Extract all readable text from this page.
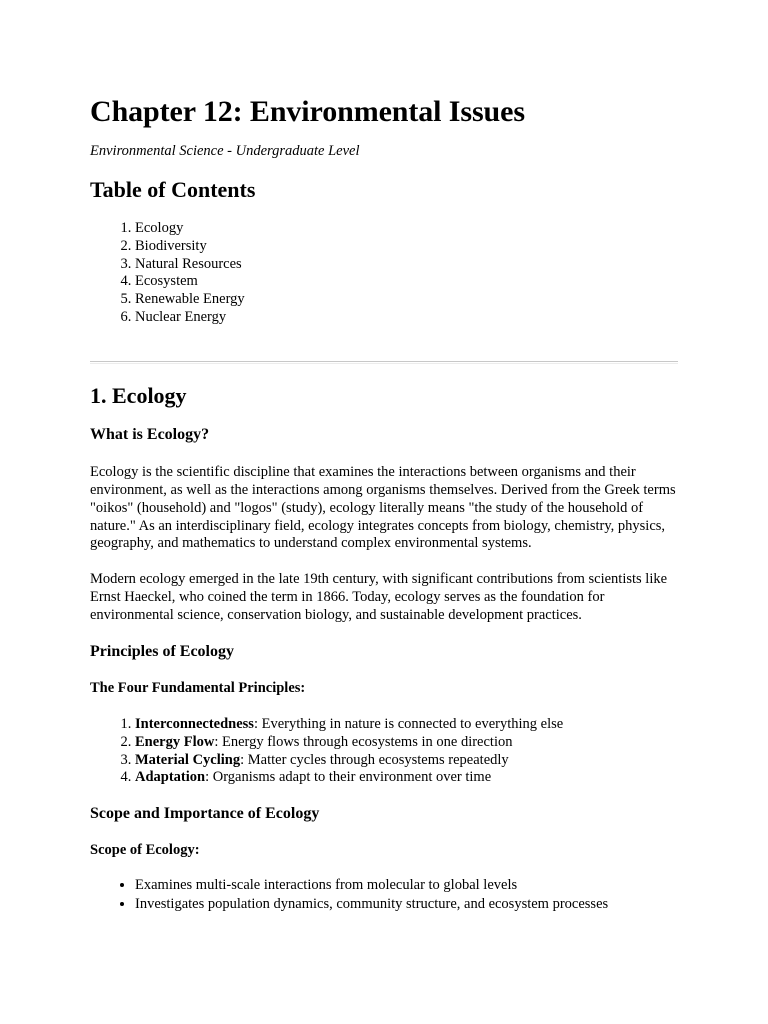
Chapter 12: Environmental Issues
Environmental Science - Undergraduate Level
Table of Contents
1. Ecology
2. Biodiversity
3. Natural Resources
4. Ecosystem
5. Renewable Energy
6. Nuclear Energy
1. Ecology
What is Ecology?

Ecology is the scientific discipline that examines the interactions between organisms and their environment, as well as the interactions among organisms themselves. Derived from the Greek terms "oikos" (household) and "logos" (study), ecology literally means "the study of the household of nature." As an interdisciplinary field, ecology integrates concepts from biology, chemistry, physics, geography, and mathematics to understand complex environmental systems.

Modern ecology emerged in the late 19th century, with significant contributions from scientists like Ernst Haeckel, who coined the term in 1866. Today, ecology serves as the foundation for environmental science, conservation biology, and sustainable development practices.

Principles of Ecology
The Four Fundamental Principles:
1. Interconnectedness: Everything in nature is connected to everything else
2. Energy Flow: Energy flows through ecosystems in one direction
3. Material Cycling: Matter cycles through ecosystems repeatedly
4. Adaptation: Organisms adapt to their environment over time
Scope and Importance of Ecology
Scope of Ecology:
• Examines multi-scale interactions from molecular to global levels
• Investigates population dynamics, community structure, and ecosystem processes
